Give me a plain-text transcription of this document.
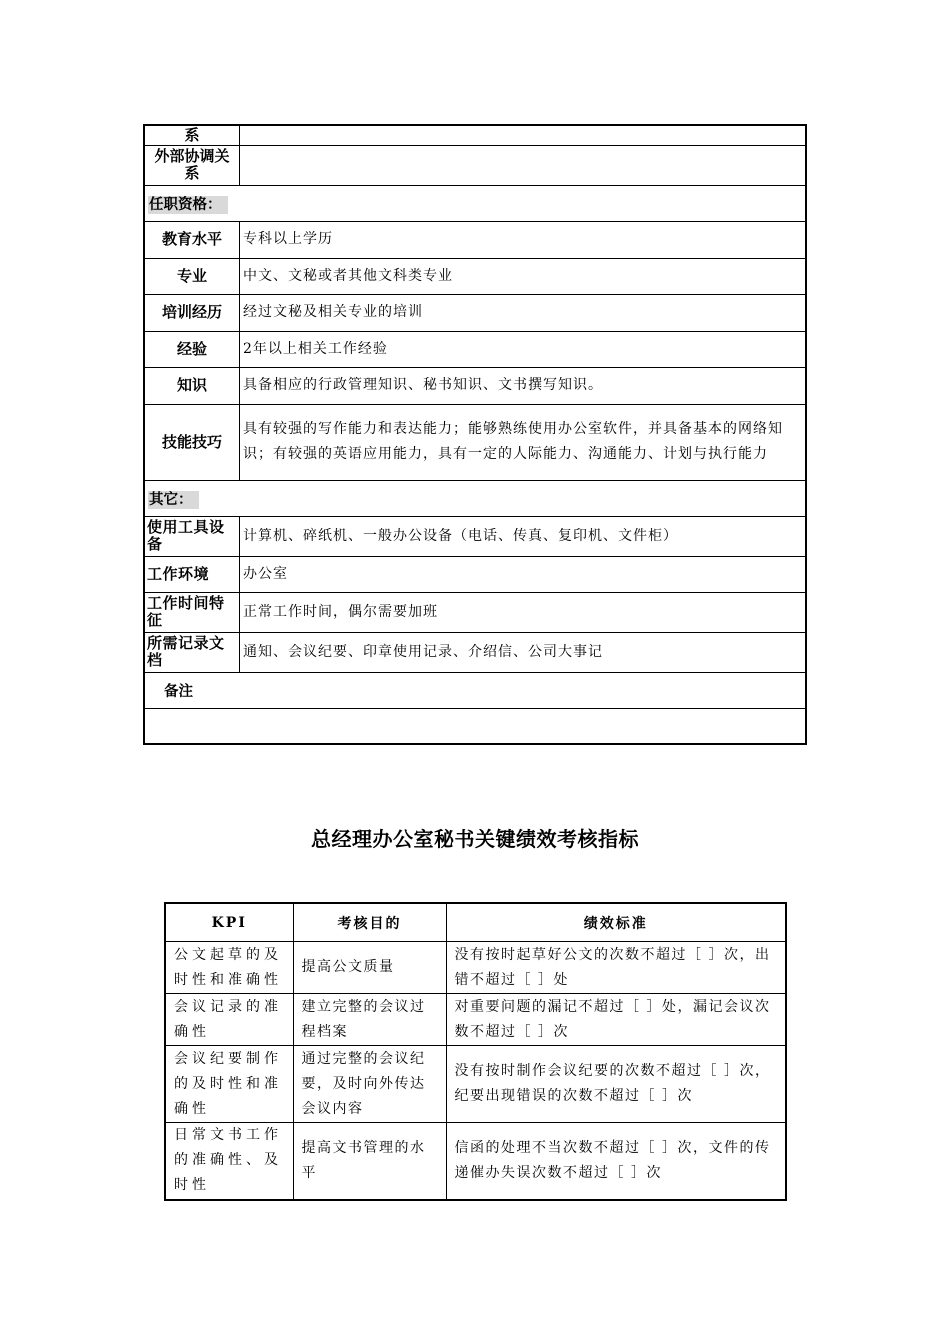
系	
外部协调关系	
任职资格：	
教育水平	专科以上学历
专业	中文、文秘或者其他文科类专业
培训经历	经过文秘及相关专业的培训
经验	2年以上相关工作经验
知识	具备相应的行政管理知识、秘书知识、文书撰写知识。
技能技巧	具有较强的写作能力和表达能力；能够熟练使用办公室软件，并具备基本的网络知识；有较强的英语应用能力，具有一定的人际能力、沟通能力、计划与执行能力
其它：	
使用工具设备	计算机、碎纸机、一般办公设备（电话、传真、复印机、文件柜）
工作环境	办公室
工作时间特征	正常工作时间，偶尔需要加班
所需记录文档	通知、会议纪要、印章使用记录、介绍信、公司大事记
备注	

总经理办公室秘书关键绩效考核指标
KPI	考核目的	绩效标准
公文起草的及时性和准确性	提高公文质量	没有按时起草好公文的次数不超过［ ］次，出错不超过［ ］处
会议记录的准确性	建立完整的会议过程档案	对重要问题的漏记不超过［ ］处，漏记会议次数不超过［ ］次
会议纪要制作的及时性和准确性	通过完整的会议纪要，及时向外传达会议内容	没有按时制作会议纪要的次数不超过［ ］次，纪要出现错误的次数不超过［ ］次
日常文书工作的准确性、及时性	提高文书管理的水平	信函的处理不当次数不超过［ ］次，文件的传递催办失误次数不超过［ ］次
